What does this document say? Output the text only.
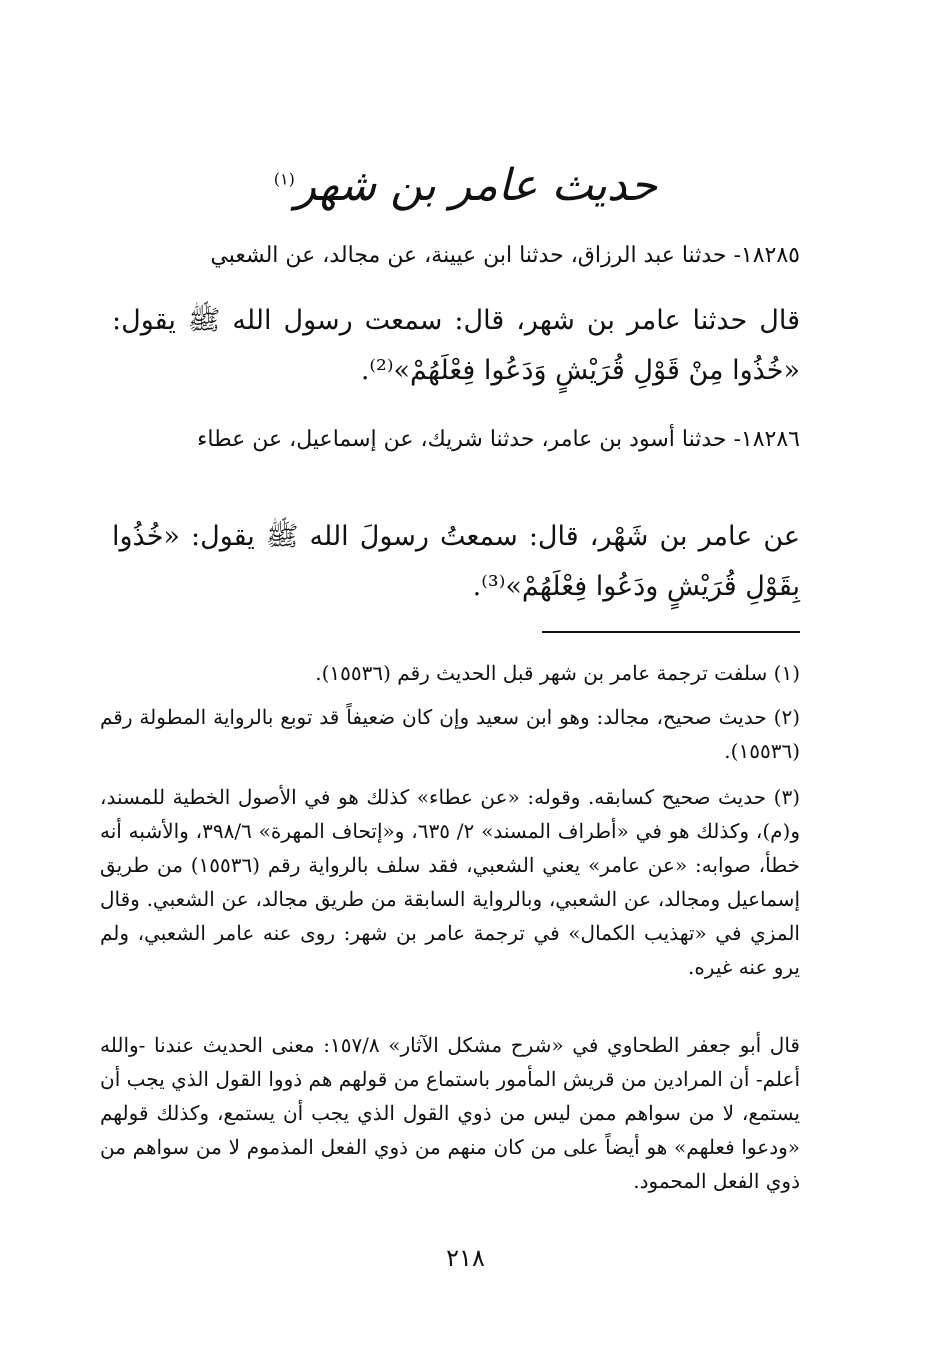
حديث عامر بن شهر$^{(١)}$
١٨٢٨٥- حدثنا عبد الرزاق، حدثنا ابن عيينة، عن مجالد، عن الشعبي
قال حدثنا عامر بن شهر، قال: سمعت رسول الله ﷺ يقول: «خُذُوا مِنْ قَوْلِ قُرَيْشٍ وَدَعُوا فِعْلَهُمْ»⁽²⁾.
١٨٢٨٦- حدثنا أسود بن عامر، حدثنا شريك، عن إسماعيل، عن عطاء
عن عامر بن شَهْر، قال: سمعتُ رسولَ الله ﷺ يقول: «خُذُوا بِقَوْلِ قُرَيْشٍ ودَعُوا فِعْلَهُمْ»⁽³⁾.
(١) سلفت ترجمة عامر بن شهر قبل الحديث رقم (١٥٥٣٦).
(٢) حديث صحيح، مجالد: وهو ابن سعيد وإن كان ضعيفاً قد توبع بالرواية المطولة رقم (١٥٥٣٦).
(٣) حديث صحيح كسابقه. وقوله: «عن عطاء» كذلك هو في الأصول الخطية للمسند، و(م)، وكذلك هو في «أطراف المسند» ٢/ ٦٣٥، و«إتحاف المهرة» ٣٩٨/٦، والأشبه أنه خطأ، صوابه: «عن عامر» يعني الشعبي، فقد سلف بالرواية رقم (١٥٥٣٦) من طريق إسماعيل ومجالد، عن الشعبي، وبالرواية السابقة من طريق مجالد، عن الشعبي. وقال المزي في «تهذيب الكمال» في ترجمة عامر بن شهر: روى عنه عامر الشعبي، ولم يرو عنه غيره.
قال أبو جعفر الطحاوي في «شرح مشكل الآثار» ١٥٧/٨: معنى الحديث عندنا -والله أعلم- أن المرادين من قريش المأمور باستماع من قولهم هم ذووا القول الذي يجب أن يستمع، لا من سواهم ممن ليس من ذوي القول الذي يجب أن يستمع، وكذلك قولهم «ودعوا فعلهم» هو أيضاً على من كان منهم من ذوي الفعل المذموم لا من سواهم من ذوي الفعل المحمود.
٢١٨
